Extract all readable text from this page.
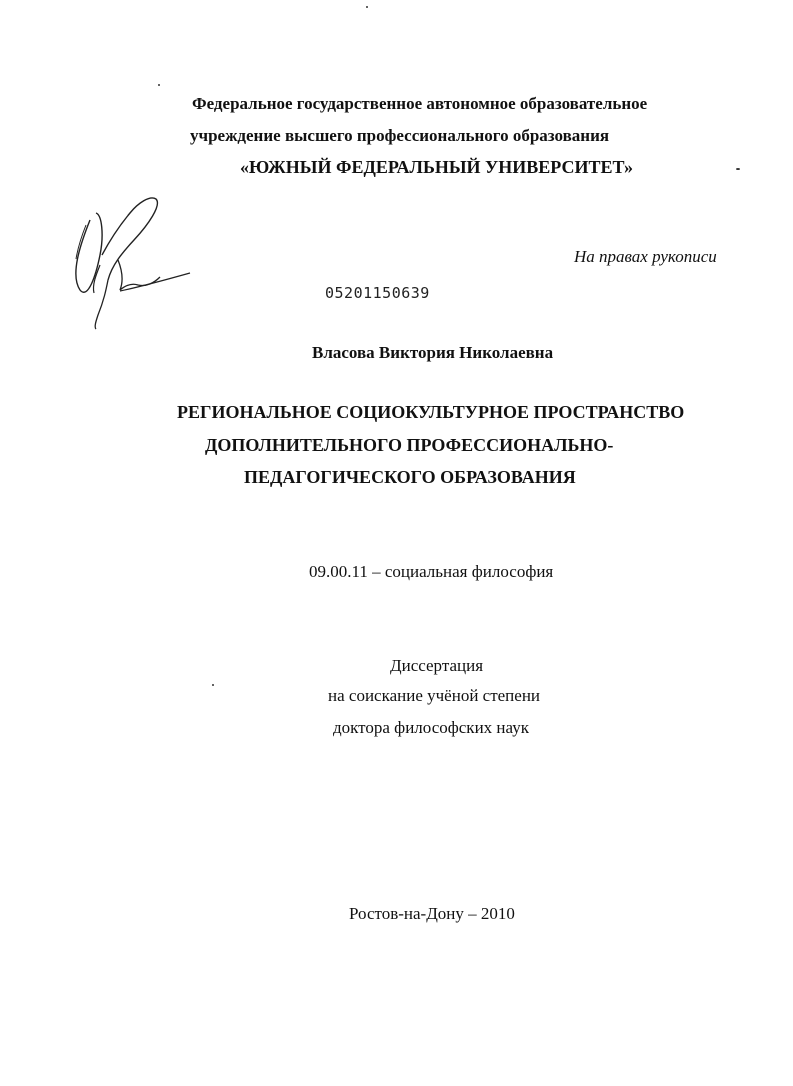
Федеральное государственное автономное образовательное

учреждение высшего профессионального образования

«ЮЖНЫЙ ФЕДЕРАЛЬНЫЙ УНИВЕРСИТЕТ»

На правах рукописи

05201150639

Власова Виктория Николаевна

РЕГИОНАЛЬНОЕ СОЦИОКУЛЬТУРНОЕ ПРОСТРАНСТВО

ДОПОЛНИТЕЛЬНОГО ПРОФЕССИОНАЛЬНО-

ПЕДАГОГИЧЕСКОГО ОБРАЗОВАНИЯ

09.00.11 – социальная философия

Диссертация

на соискание учёной степени

доктора философских наук

Ростов-на-Дону – 2010
